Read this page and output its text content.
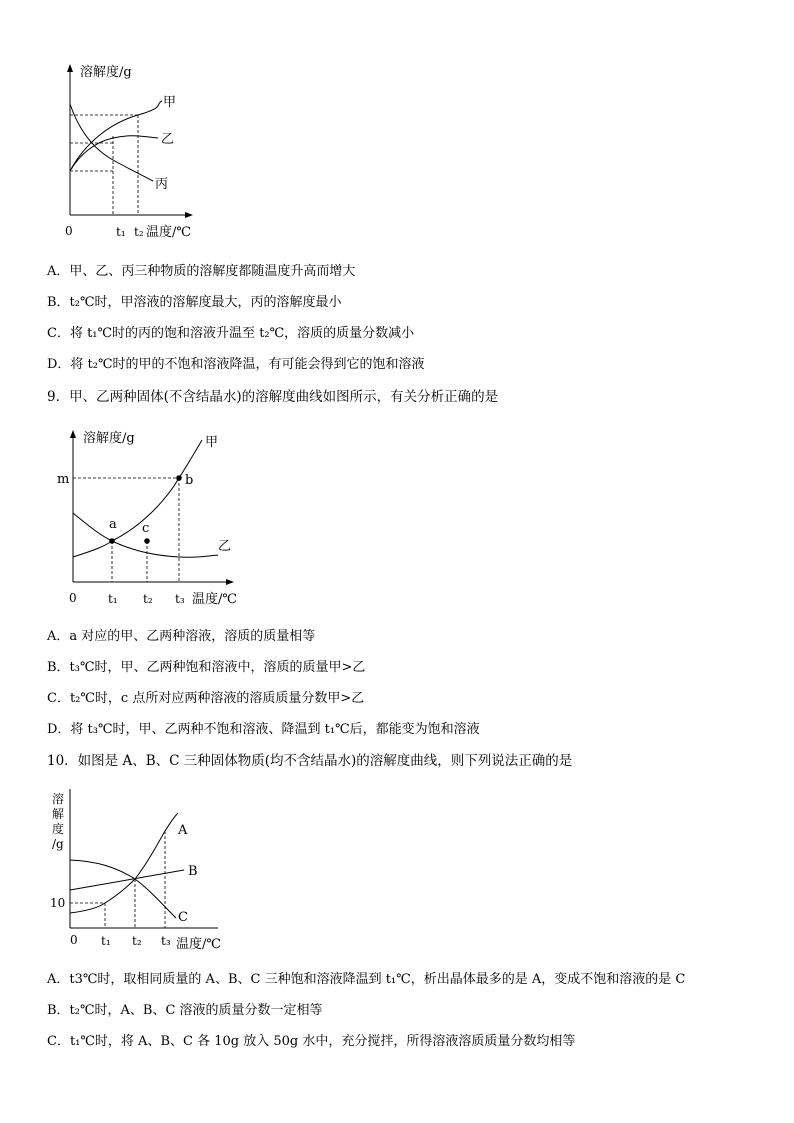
溶解度/g
甲
乙
丙
0	t₁ t₂ 温度/℃
A．甲、乙、丙三种物质的溶解度都随温度升高而增大
B．t₂℃时，甲溶液的溶解度最大，丙的溶解度最小
C．将 t₁℃时的丙的饱和溶液升温至 t₂℃，溶质的质量分数减小
D．将 t₂℃时的甲的不饱和溶液降温，有可能会得到它的饱和溶液
9．甲、乙两种固体(不含结晶水)的溶解度曲线如图所示，有关分析正确的是
溶解度/g	甲
m	b
a c
乙
0	t₁ t₂ t₃ 温度/℃
A．a 对应的甲、乙两种溶液，溶质的质量相等
B．t₃℃时，甲、乙两种饱和溶液中，溶质的质量甲>乙
C．t₂℃时，c 点所对应两种溶液的溶质质量分数甲>乙
D．将 t₃℃时，甲、乙两种不饱和溶液、降温到 t₁℃后，都能变为饱和溶液
10．如图是 A、B、C 三种固体物质(均不含结晶水)的溶解度曲线，则下列说法正确的是
溶
解
度
/g
A
B
C
10
0 t₁ t₂ t₃ 温度/℃
A．t3℃时，取相同质量的 A、B、C 三种饱和溶液降温到 t₁℃，析出晶体最多的是 A，变成不饱和溶液的是 C
B．t₂℃时，A、B、C 溶液的质量分数一定相等
C．t₁℃时，将 A、B、C 各 10g 放入 50g 水中，充分搅拌，所得溶液溶质质量分数均相等
